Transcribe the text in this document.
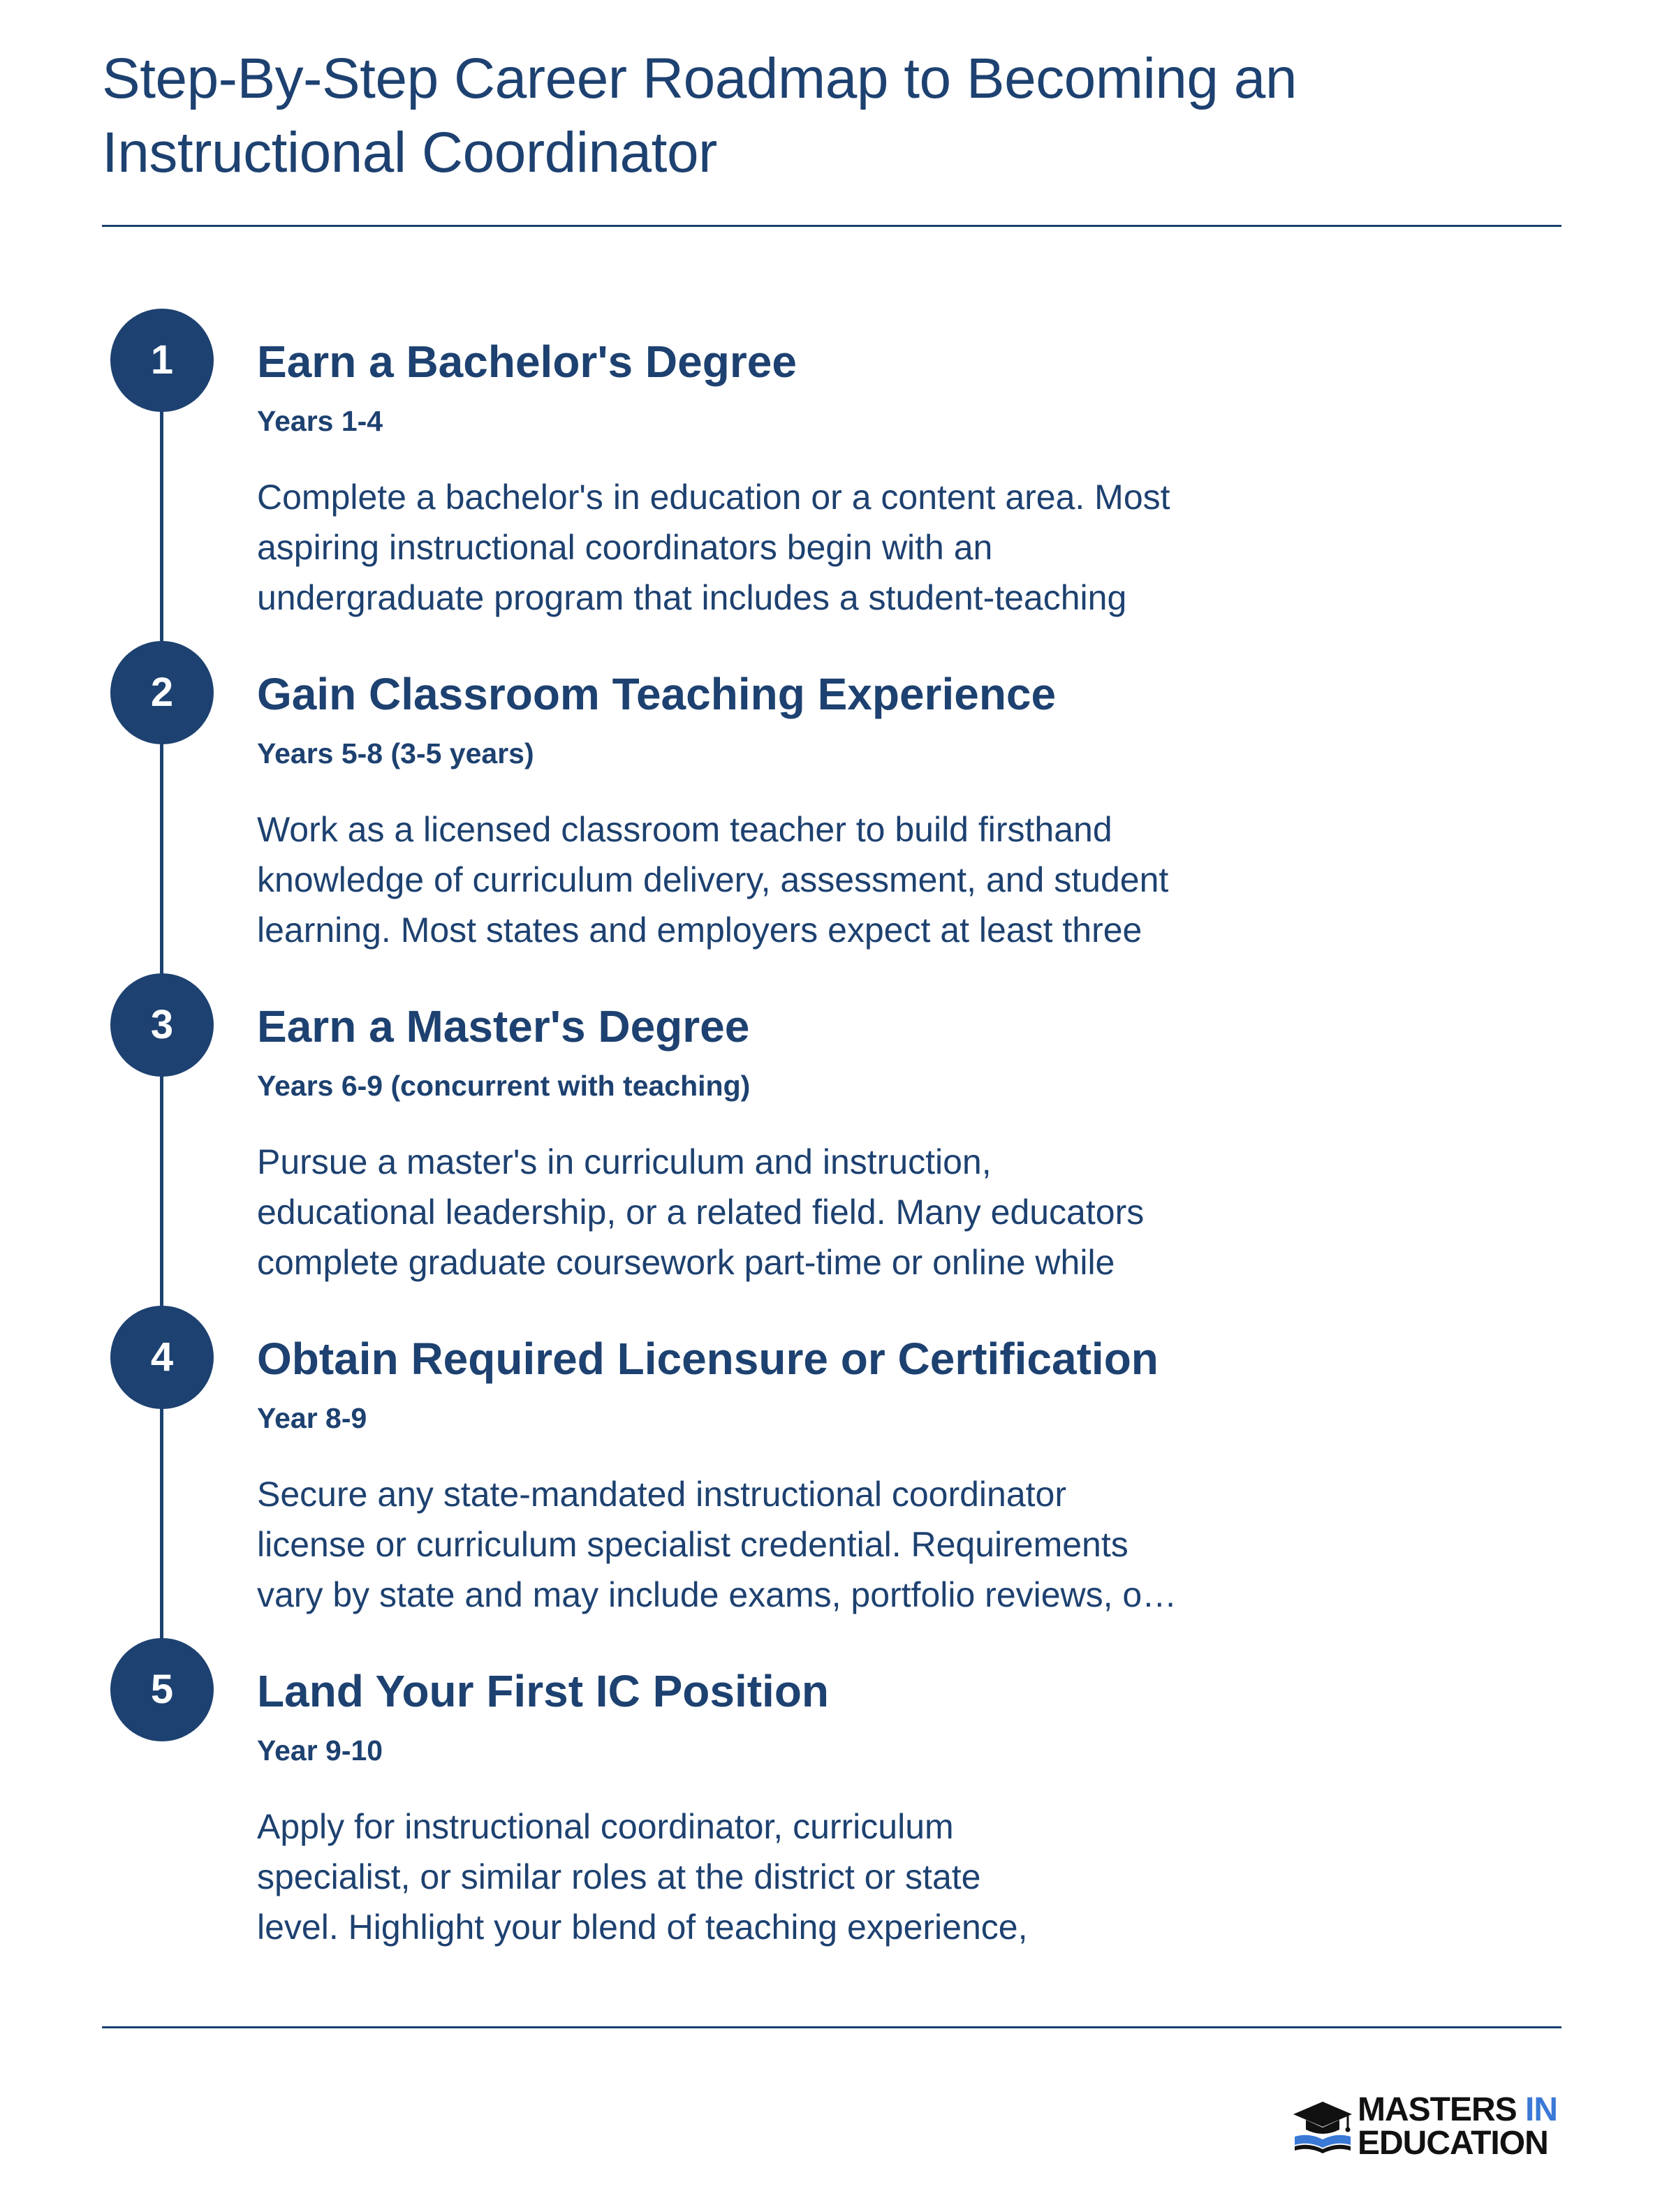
Step-By-Step Career Roadmap to Becoming an
Instructional Coordinator
1	Earn a Bachelor's Degree
Years 1-4
Complete a bachelor's in education or a content area. Most
aspiring instructional coordinators begin with an
undergraduate program that includes a student-teaching
2	Gain Classroom Teaching Experience
Years 5-8 (3-5 years)
Work as a licensed classroom teacher to build firsthand
knowledge of curriculum delivery, assessment, and student
learning. Most states and employers expect at least three
3	Earn a Master's Degree
Years 6-9 (concurrent with teaching)
Pursue a master's in curriculum and instruction,
educational leadership, or a related field. Many educators
complete graduate coursework part-time or online while
4	Obtain Required Licensure or Certification
Year 8-9
Secure any state-mandated instructional coordinator
license or curriculum specialist credential. Requirements
vary by state and may include exams, portfolio reviews, o…
5	Land Your First IC Position
Year 9-10
Apply for instructional coordinator, curriculum
specialist, or similar roles at the district or state
level. Highlight your blend of teaching experience,
MASTERS IN
EDUCATION
